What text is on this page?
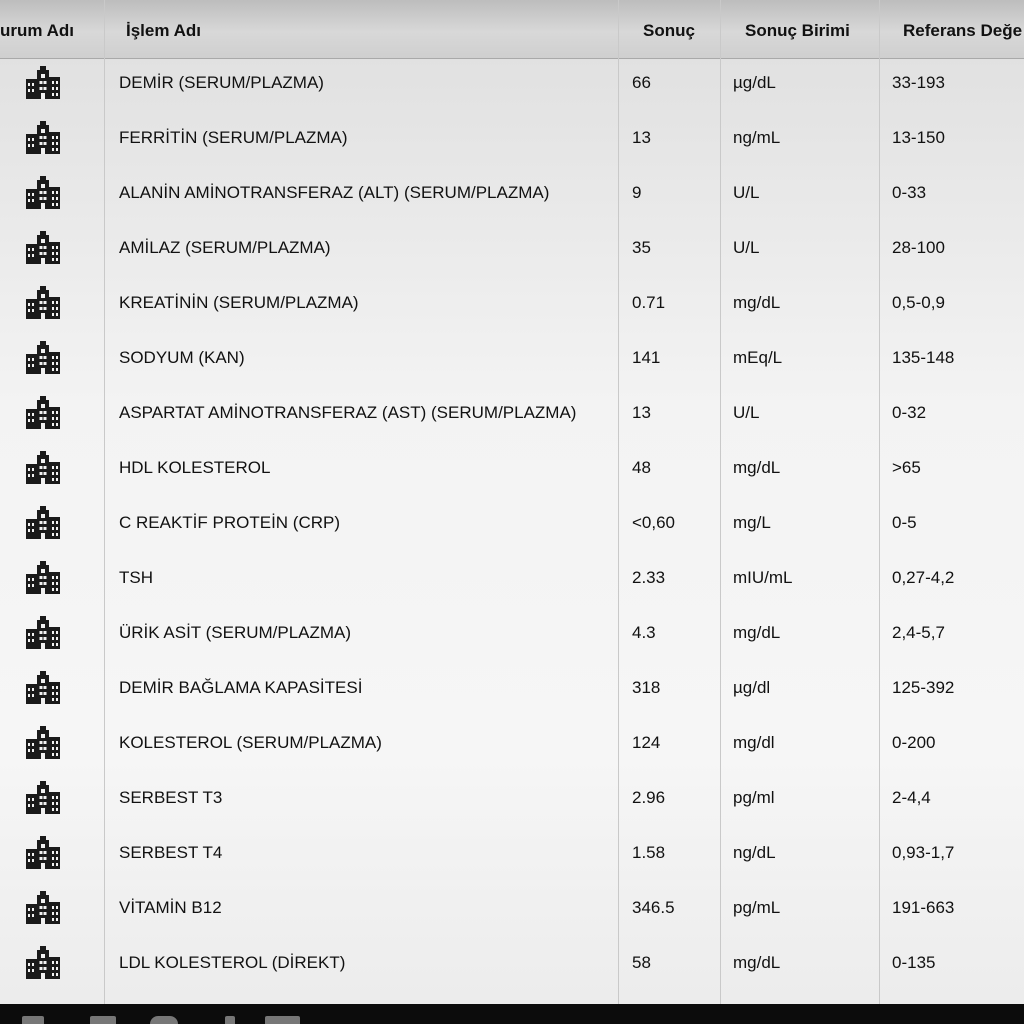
urum Adı	İşlem Adı	Sonuç	Sonuç Birimi	Referans Değe
DEMİR (SERUM/PLAZMA)	66	µg/dL	33-193
FERRİTİN (SERUM/PLAZMA)	13	ng/mL	13-150
ALANİN AMİNOTRANSFERAZ (ALT) (SERUM/PLAZMA)	9	U/L	0-33
AMİLAZ (SERUM/PLAZMA)	35	U/L	28-100
KREATİNİN (SERUM/PLAZMA)	0.71	mg/dL	0,5-0,9
SODYUM (KAN)	141	mEq/L	135-148
ASPARTAT AMİNOTRANSFERAZ (AST) (SERUM/PLAZMA)	13	U/L	0-32
HDL KOLESTEROL	48	mg/dL	>65
C REAKTİF PROTEİN (CRP)	<0,60	mg/L	0-5
TSH	2.33	mIU/mL	0,27-4,2
ÜRİK ASİT (SERUM/PLAZMA)	4.3	mg/dL	2,4-5,7
DEMİR BAĞLAMA KAPASİTESİ	318	µg/dl	125-392
KOLESTEROL (SERUM/PLAZMA)	124	mg/dl	0-200
SERBEST T3	2.96	pg/ml	2-4,4
SERBEST T4	1.58	ng/dL	0,93-1,7
VİTAMİN B12	346.5	pg/mL	191-663
LDL KOLESTEROL (DİREKT)	58	mg/dL	0-135
